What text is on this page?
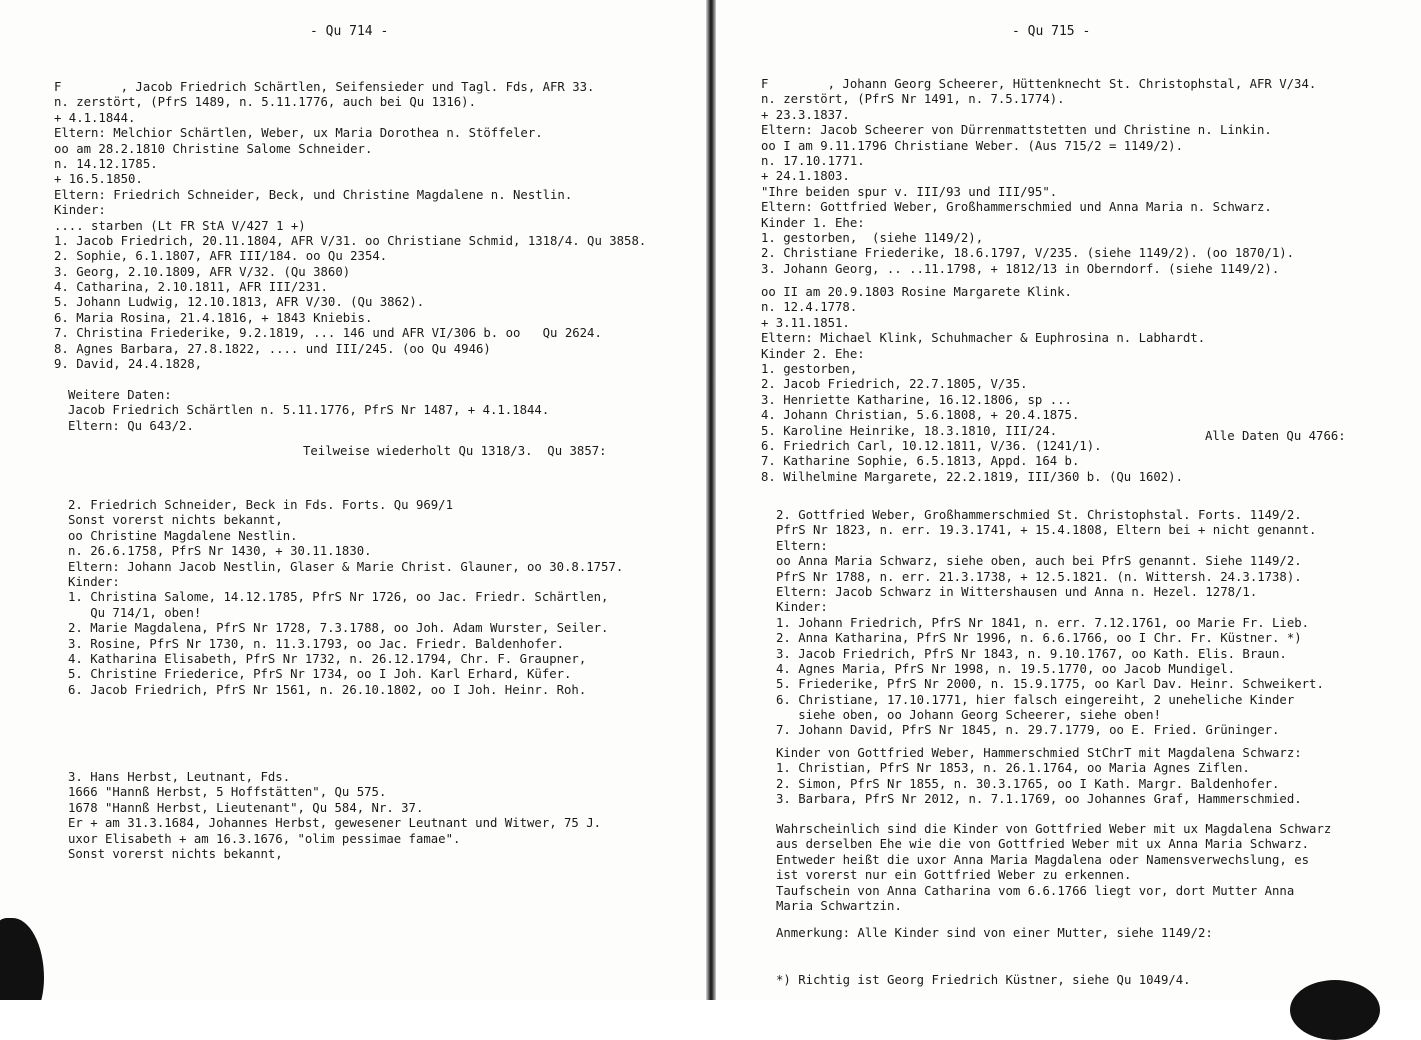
- Qu 714 -
F        , Jacob Friedrich Schärtlen, Seifensieder und Tagl. Fds, AFR 33.
n. zerstört, (PfrS 1489, n. 5.11.1776, auch bei Qu 1316).
+ 4.1.1844.
Eltern: Melchior Schärtlen, Weber, ux Maria Dorothea n. Stöffeler.
oo am 28.2.1810 Christine Salome Schneider.
n. 14.12.1785.
+ 16.5.1850.
Eltern: Friedrich Schneider, Beck, und Christine Magdalene n. Nestlin.
Kinder:
.... starben (Lt FR StA V/427 1 +)
1. Jacob Friedrich, 20.11.1804, AFR V/31. oo Christiane Schmid, 1318/4. Qu 3858.
2. Sophie, 6.1.1807, AFR III/184. oo Qu 2354.
3. Georg, 2.10.1809, AFR V/32. (Qu 3860)
4. Catharina, 2.10.1811, AFR III/231.
5. Johann Ludwig, 12.10.1813, AFR V/30. (Qu 3862).
6. Maria Rosina, 21.4.1816, + 1843 Kniebis.
7. Christina Friederike, 9.2.1819, ... 146 und AFR VI/306 b. oo   Qu 2624.
8. Agnes Barbara, 27.8.1822, .... und III/245. (oo Qu 4946)
9. David, 24.4.1828,
Weitere Daten:
Jacob Friedrich Schärtlen n. 5.11.1776, PfrS Nr 1487, + 4.1.1844.
Eltern: Qu 643/2.
Teilweise wiederholt Qu 1318/3.  Qu 3857:
2. Friedrich Schneider, Beck in Fds. Forts. Qu 969/1
Sonst vorerst nichts bekannt,
oo Christine Magdalene Nestlin.
n. 26.6.1758, PfrS Nr 1430, + 30.11.1830.
Eltern: Johann Jacob Nestlin, Glaser & Marie Christ. Glauner, oo 30.8.1757.
Kinder:
1. Christina Salome, 14.12.1785, PfrS Nr 1726, oo Jac. Friedr. Schärtlen,
Qu 714/1, oben!
2. Marie Magdalena, PfrS Nr 1728, 7.3.1788, oo Joh. Adam Wurster, Seiler.
3. Rosine, PfrS Nr 1730, n. 11.3.1793, oo Jac. Friedr. Baldenhofer.
4. Katharina Elisabeth, PfrS Nr 1732, n. 26.12.1794, Chr. F. Graupner,
5. Christine Friederice, PfrS Nr 1734, oo I Joh. Karl Erhard, Küfer.
6. Jacob Friedrich, PfrS Nr 1561, n. 26.10.1802, oo I Joh. Heinr. Roh.
3. Hans Herbst, Leutnant, Fds.
1666 "Hannß Herbst, 5 Hoffstätten", Qu 575.
1678 "Hannß Herbst, Lieutenant", Qu 584, Nr. 37.
Er + am 31.3.1684, Johannes Herbst, gewesener Leutnant und Witwer, 75 J.
uxor Elisabeth + am 16.3.1676, "olim pessimae famae".
Sonst vorerst nichts bekannt,
- Qu 715 -
F        , Johann Georg Scheerer, Hüttenknecht St. Christophstal, AFR V/34.
n. zerstört, (PfrS Nr 1491, n. 7.5.1774).
+ 23.3.1837.
Eltern: Jacob Scheerer von Dürrenmattstetten und Christine n. Linkin.
oo I am 9.11.1796 Christiane Weber. (Aus 715/2 = 1149/2).
n. 17.10.1771.
+ 24.1.1803.
"Ihre beiden spur v. III/93 und III/95".
Eltern: Gottfried Weber, Großhammerschmied und Anna Maria n. Schwarz.
Kinder 1. Ehe:
1. gestorben,  (siehe 1149/2),
2. Christiane Friederike, 18.6.1797, V/235. (siehe 1149/2). (oo 1870/1).
3. Johann Georg, .. ..11.1798, + 1812/13 in Oberndorf. (siehe 1149/2).
oo II am 20.9.1803 Rosine Margarete Klink.
n. 12.4.1778.
+ 3.11.1851.
Eltern: Michael Klink, Schuhmacher & Euphrosina n. Labhardt.
Kinder 2. Ehe:
1. gestorben,
2. Jacob Friedrich, 22.7.1805, V/35.
3. Henriette Katharine, 16.12.1806, sp ...
4. Johann Christian, 5.6.1808, + 20.4.1875.
5. Karoline Heinrike, 18.3.1810, III/24.
6. Friedrich Carl, 10.12.1811, V/36. (1241/1).
7. Katharine Sophie, 6.5.1813, Appd. 164 b.
8. Wilhelmine Margarete, 22.2.1819, III/360 b. (Qu 1602).
2. Gottfried Weber, Großhammerschmied St. Christophstal. Forts. 1149/2.
PfrS Nr 1823, n. err. 19.3.1741, + 15.4.1808, Eltern bei + nicht genannt.
Eltern:
oo Anna Maria Schwarz, siehe oben, auch bei PfrS genannt. Siehe 1149/2.
PfrS Nr 1788, n. err. 21.3.1738, + 12.5.1821. (n. Wittersh. 24.3.1738).
Eltern: Jacob Schwarz in Wittershausen und Anna n. Hezel. 1278/1.
Kinder:
1. Johann Friedrich, PfrS Nr 1841, n. err. 7.12.1761, oo Marie Fr. Lieb.
2. Anna Katharina, PfrS Nr 1996, n. 6.6.1766, oo I Chr. Fr. Küstner. *)
3. Jacob Friedrich, PfrS Nr 1843, n. 9.10.1767, oo Kath. Elis. Braun.
4. Agnes Maria, PfrS Nr 1998, n. 19.5.1770, oo Jacob Mundigel.
5. Friederike, PfrS Nr 2000, n. 15.9.1775, oo Karl Dav. Heinr. Schweikert.
6. Christiane, 17.10.1771, hier falsch eingereiht, 2 uneheliche Kinder
siehe oben, oo Johann Georg Scheerer, siehe oben!
7. Johann David, PfrS Nr 1845, n. 29.7.1779, oo E. Fried. Grüninger.
Kinder von Gottfried Weber, Hammerschmied StChrT mit Magdalena Schwarz:
1. Christian, PfrS Nr 1853, n. 26.1.1764, oo Maria Agnes Ziflen.
2. Simon, PfrS Nr 1855, n. 30.3.1765, oo I Kath. Margr. Baldenhofer.
3. Barbara, PfrS Nr 2012, n. 7.1.1769, oo Johannes Graf, Hammerschmied.
Wahrscheinlich sind die Kinder von Gottfried Weber mit ux Magdalena Schwarz
aus derselben Ehe wie die von Gottfried Weber mit ux Anna Maria Schwarz.
Entweder heißt die uxor Anna Maria Magdalena oder Namensverwechslung, es
ist vorerst nur ein Gottfried Weber zu erkennen.
Taufschein von Anna Catharina vom 6.6.1766 liegt vor, dort Mutter Anna
Maria Schwartzin.
Anmerkung: Alle Kinder sind von einer Mutter, siehe 1149/2:
*) Richtig ist Georg Friedrich Küstner, siehe Qu 1049/4.
Alle Daten Qu 4766:
